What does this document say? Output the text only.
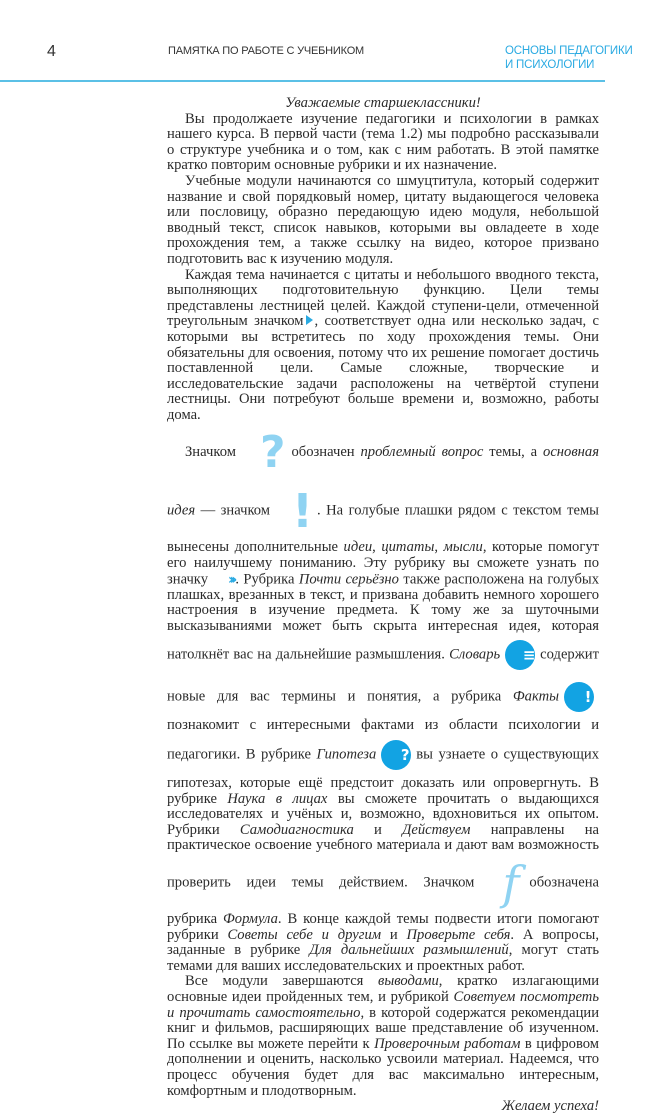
4	ПАМЯТКА ПО РАБОТЕ С УЧЕБНИКОМ	ОСНОВЫ ПЕДАГОГИКИ
И ПСИХОЛОГИИ
Уважаемые старшеклассники!

Вы продолжаете изучение педагогики и психологии в рамках нашего курса. В первой части (тема 1.2) мы подробно рассказывали о структуре учебника и о том, как с ним работать. В этой памятке кратко повторим основные рубрики и их назначение.

Учебные модули начинаются со шмуцтитула, который содержит название и свой порядковый номер, цитату выдающегося человека или пословицу, образно передающую идею модуля, небольшой вводный текст, список навыков, которыми вы овладеете в ходе прохождения тем, а также ссылку на видео, которое призвано подготовить вас к изучению модуля.

Каждая тема начинается с цитаты и небольшого вводного текста, выполняющих подготовительную функцию. Цели темы представлены лестницей целей. Каждой ступени-цели, отмеченной треугольным значком , соответствует одна или несколько задач, с которыми вы встретитесь по ходу прохождения темы. Они обязательны для освоения, потому что их решение помогает достичь поставленной цели. Самые сложные, творческие и исследовательские задачи расположены на четвёртой ступени лестницы. Они потребуют больше времени и, возможно, работы дома.

Значком ? обозначен проблемный вопрос темы, а основная идея — значком ! . На голубые плашки рядом с текстом темы вынесены дополнительные идеи, цитаты, мысли, которые помогут его наилучшему пониманию. Эту рубрику вы сможете узнать по значку ››› . Рубрика Почти серьёзно также расположена на голубых плашках, врезанных в текст, и призвана добавить немного хорошего настроения в изучение предмета. К тому же за шуточными высказываниями может быть скрыта интересная идея, которая натолкнёт вас на дальнейшие размышления. Словарь ≡ содержит новые для вас термины и понятия, а рубрика Факты !познакомит с интересными фактами из области психологии и педагогики. В рубрике Гипотеза ? вы узнаете о существующих гипотезах, которые ещё предстоит доказать или опровергнуть. В рубрике Наука в лицах вы сможете прочитать о выдающихся исследователях и учёных и, возможно, вдохновиться их опытом. Рубрики Самодиагностика и Действуем направлены на практическое освоение учебного материала и дают вам возможность проверить идеи темы действием. Значком f обозначена рубрика Формула. В конце каждой темы подвести итоги помогают рубрики Советы себе и другим и Проверьте себя. А вопросы, заданные в рубрике Для дальнейших размышлений, могут стать темами для ваших исследовательских и проектных работ.

Все модули завершаются выводами, кратко излагающими основные идеи пройденных тем, и рубрикой Советуем посмотреть и прочитать самостоятельно, в которой содержатся рекомендации книг и фильмов, расширяющих ваше представление об изученном. По ссылке вы можете перейти к Проверочным работам в цифровом дополнении и оценить, насколько усвоили материал. Надеемся, что процесс обучения будет для вас максимально интересным, комфортным и плодотворным.

Желаем успеха!
